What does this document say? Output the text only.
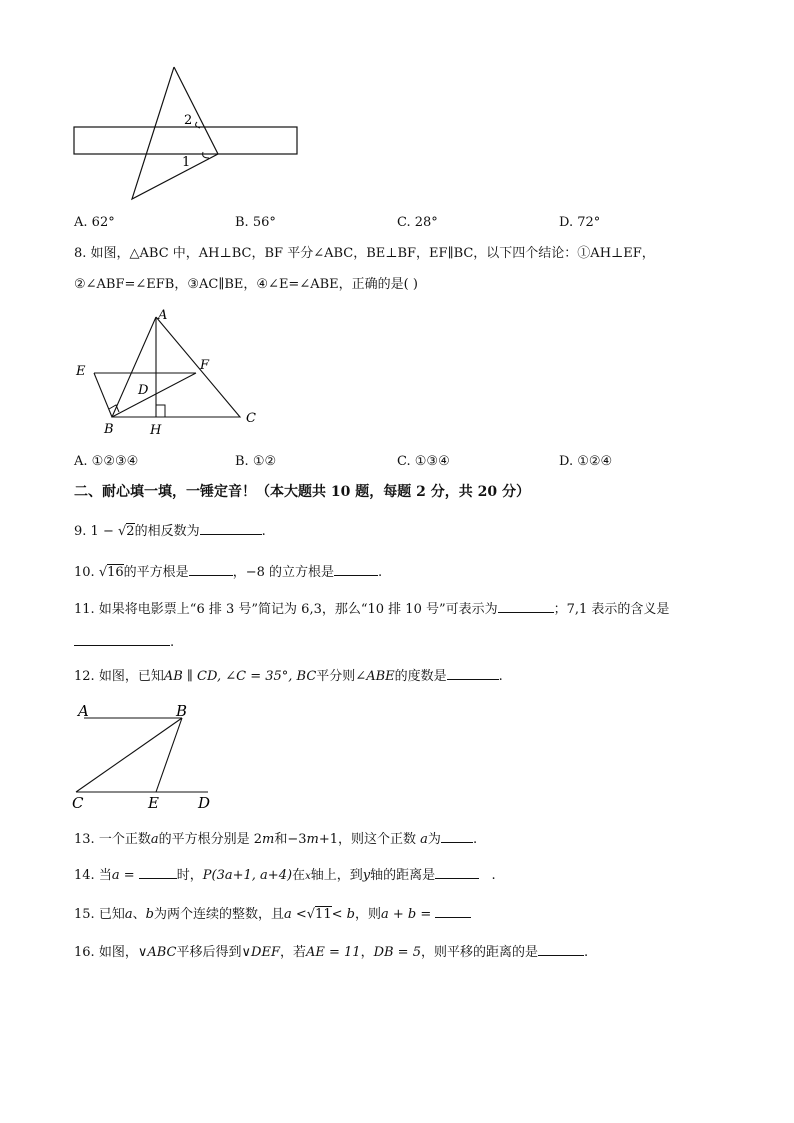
2
1
A. 62°	B. 56°	C. 28°	D. 72°
8. 如图，△ABC 中，AH⊥BC，BF 平分∠ABC，BE⊥BF，EF∥BC，以下四个结论：①AH⊥EF，
②∠ABF=∠EFB，③AC∥BE，④∠E=∠ABE，正确的是( )
A
E	F
D
B	H
C
A. ①②③④	B. ①②	C. ①③④	D. ①②④
二、耐心填一填，一锤定音！（本大题共 10 题，每题 2 分，共 20 分）
9. 1 − √2的相反数为	.
10. √16的平方根是	，−8 的立方根是	.
11. 如果将电影票上“6 排 3 号”简记为 6,3，那么“10 排 10 号”可表示为	；7,1 表示的含义是
.
12. 如图，已知AB ∥ CD, ∠C = 35°, BC平分则∠ABE的度数是	.
A	B
C	E	D
13. 一个正数a的平方根分别是 2m和−3m+1，则这个正数 a为 .
14. 当a =	时，P(3a+1, a+4)在x轴上，到y轴的距离是	.
15. 已知a、b为两个连续的整数，且a <√11< b，则a + b =
16. 如图，∨ABC平移后得到∨DEF，若AE = 11，DB = 5，则平移的距离的是	.
